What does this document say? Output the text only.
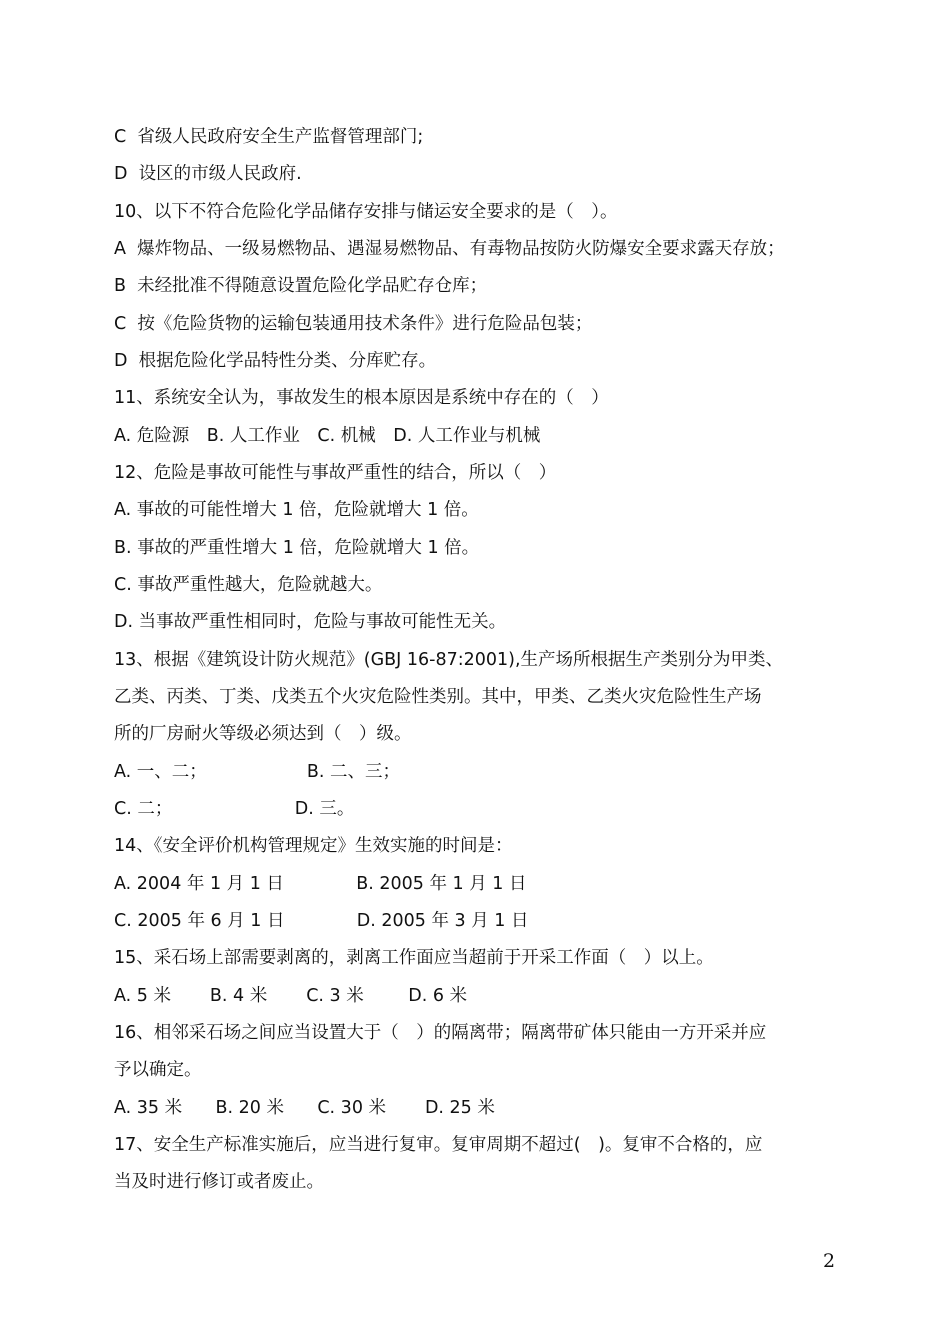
C  省级人民政府安全生产监督管理部门;

D  设区的市级人民政府.

10、以下不符合危险化学品储存安排与储运安全要求的是（　）。

A  爆炸物品、一级易燃物品、遇湿易燃物品、有毒物品按防火防爆安全要求露天存放；

B  未经批准不得随意设置危险化学品贮存仓库；

C  按《危险货物的运输包装通用技术条件》进行危险品包装；

D  根据危险化学品特性分类、分库贮存。

11、系统安全认为，事故发生的根本原因是系统中存在的（　）

A. 危险源　B. 人工作业　C. 机械　D. 人工作业与机械

12、危险是事故可能性与事故严重性的结合，所以（　）

A. 事故的可能性增大 1 倍，危险就增大 1 倍。

B. 事故的严重性增大 1 倍，危险就增大 1 倍。

C. 事故严重性越大，危险就越大。

D. 当事故严重性相同时，危险与事故可能性无关。

13、根据《建筑设计防火规范》(GBJ 16-87:2001),生产场所根据生产类别分为甲类、

乙类、丙类、丁类、戊类五个火灾危险性类别。其中，甲类、乙类火灾危险性生产场

所的厂房耐火等级必须达到（　）级。

A. 一、二；                  B. 二、三；

C. 二；                      D. 三。

14、《安全评价机构管理规定》生效实施的时间是：

A. 2004 年 1 月 1 日             B. 2005 年 1 月 1 日

C. 2005 年 6 月 1 日             D. 2005 年 3 月 1 日

15、采石场上部需要剥离的，剥离工作面应当超前于开采工作面（　）以上。

A. 5 米       B. 4 米       C. 3 米        D. 6 米

16、相邻采石场之间应当设置大于（　）的隔离带；隔离带矿体只能由一方开采并应

予以确定。

A. 35 米      B. 20 米      C. 30 米       D. 25 米

17、安全生产标准实施后，应当进行复审。复审周期不超过(　)。复审不合格的，应

当及时进行修订或者废止。

2
